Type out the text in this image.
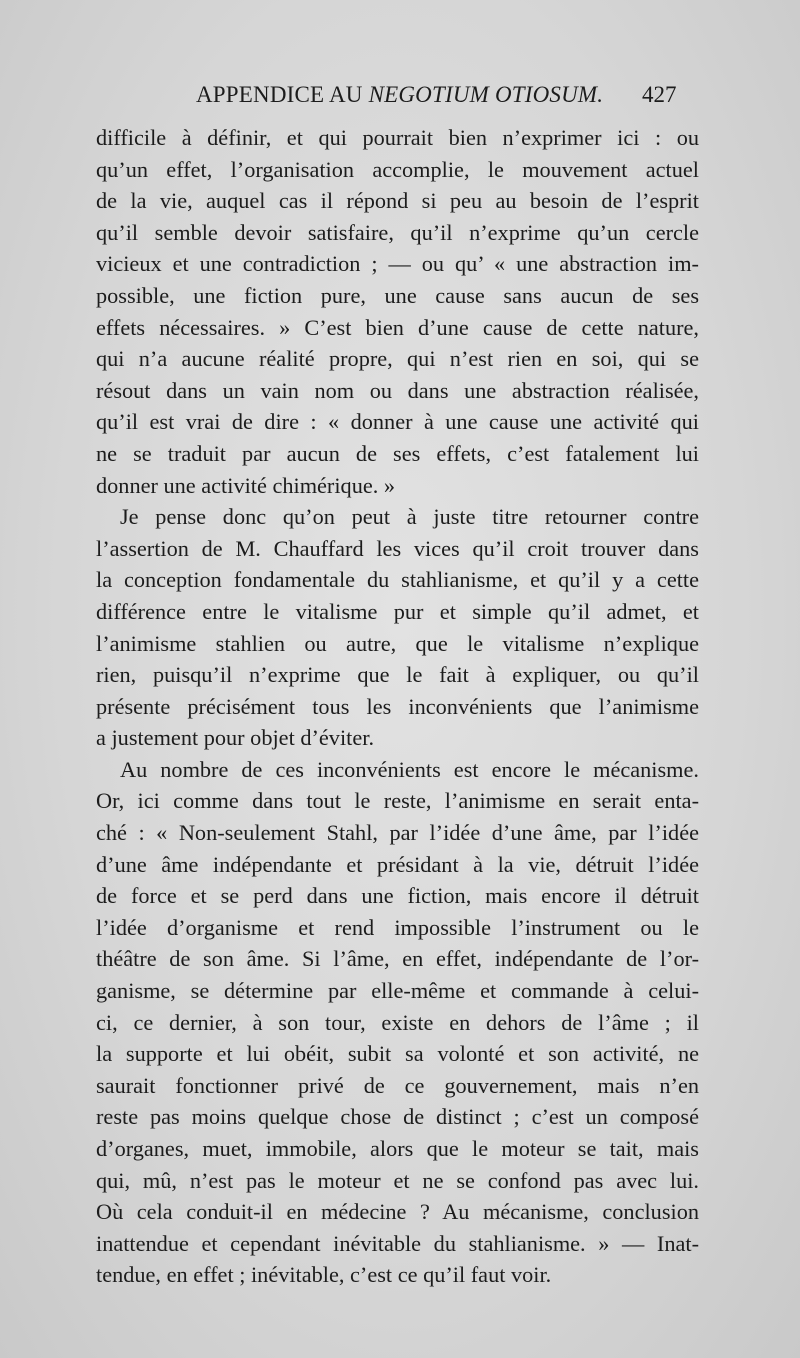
APPENDICE AU NEGOTIUM OTIOSUM. 427
difficile à définir, et qui pourrait bien n’exprimer ici : ou
qu’un effet, l’organisation accomplie, le mouvement actuel
de la vie, auquel cas il répond si peu au besoin de l’esprit
qu’il semble devoir satisfaire, qu’il n’exprime qu’un cercle
vicieux et une contradiction ; — ou qu’ « une abstraction im-
possible, une fiction pure, une cause sans aucun de ses
effets nécessaires. » C’est bien d’une cause de cette nature,
qui n’a aucune réalité propre, qui n’est rien en soi, qui se
résout dans un vain nom ou dans une abstraction réalisée,
qu’il est vrai de dire : « donner à une cause une activité qui
ne se traduit par aucun de ses effets, c’est fatalement lui
donner une activité chimérique. »
Je pense donc qu’on peut à juste titre retourner contre
l’assertion de M. Chauffard les vices qu’il croit trouver dans
la conception fondamentale du stahlianisme, et qu’il y a cette
différence entre le vitalisme pur et simple qu’il admet, et
l’animisme stahlien ou autre, que le vitalisme n’explique
rien, puisqu’il n’exprime que le fait à expliquer, ou qu’il
présente précisément tous les inconvénients que l’animisme
a justement pour objet d’éviter.
Au nombre de ces inconvénients est encore le mécanisme.
Or, ici comme dans tout le reste, l’animisme en serait enta-
ché : « Non-seulement Stahl, par l’idée d’une âme, par l’idée
d’une âme indépendante et présidant à la vie, détruit l’idée
de force et se perd dans une fiction, mais encore il détruit
l’idée d’organisme et rend impossible l’instrument ou le
théâtre de son âme. Si l’âme, en effet, indépendante de l’or-
ganisme, se détermine par elle-même et commande à celui-
ci, ce dernier, à son tour, existe en dehors de l’âme ; il
la supporte et lui obéit, subit sa volonté et son activité, ne
saurait fonctionner privé de ce gouvernement, mais n’en
reste pas moins quelque chose de distinct ; c’est un composé
d’organes, muet, immobile, alors que le moteur se tait, mais
qui, mû, n’est pas le moteur et ne se confond pas avec lui.
Où cela conduit-il en médecine ? Au mécanisme, conclusion
inattendue et cependant inévitable du stahlianisme. » — Inat-
tendue, en effet ; inévitable, c’est ce qu’il faut voir.
